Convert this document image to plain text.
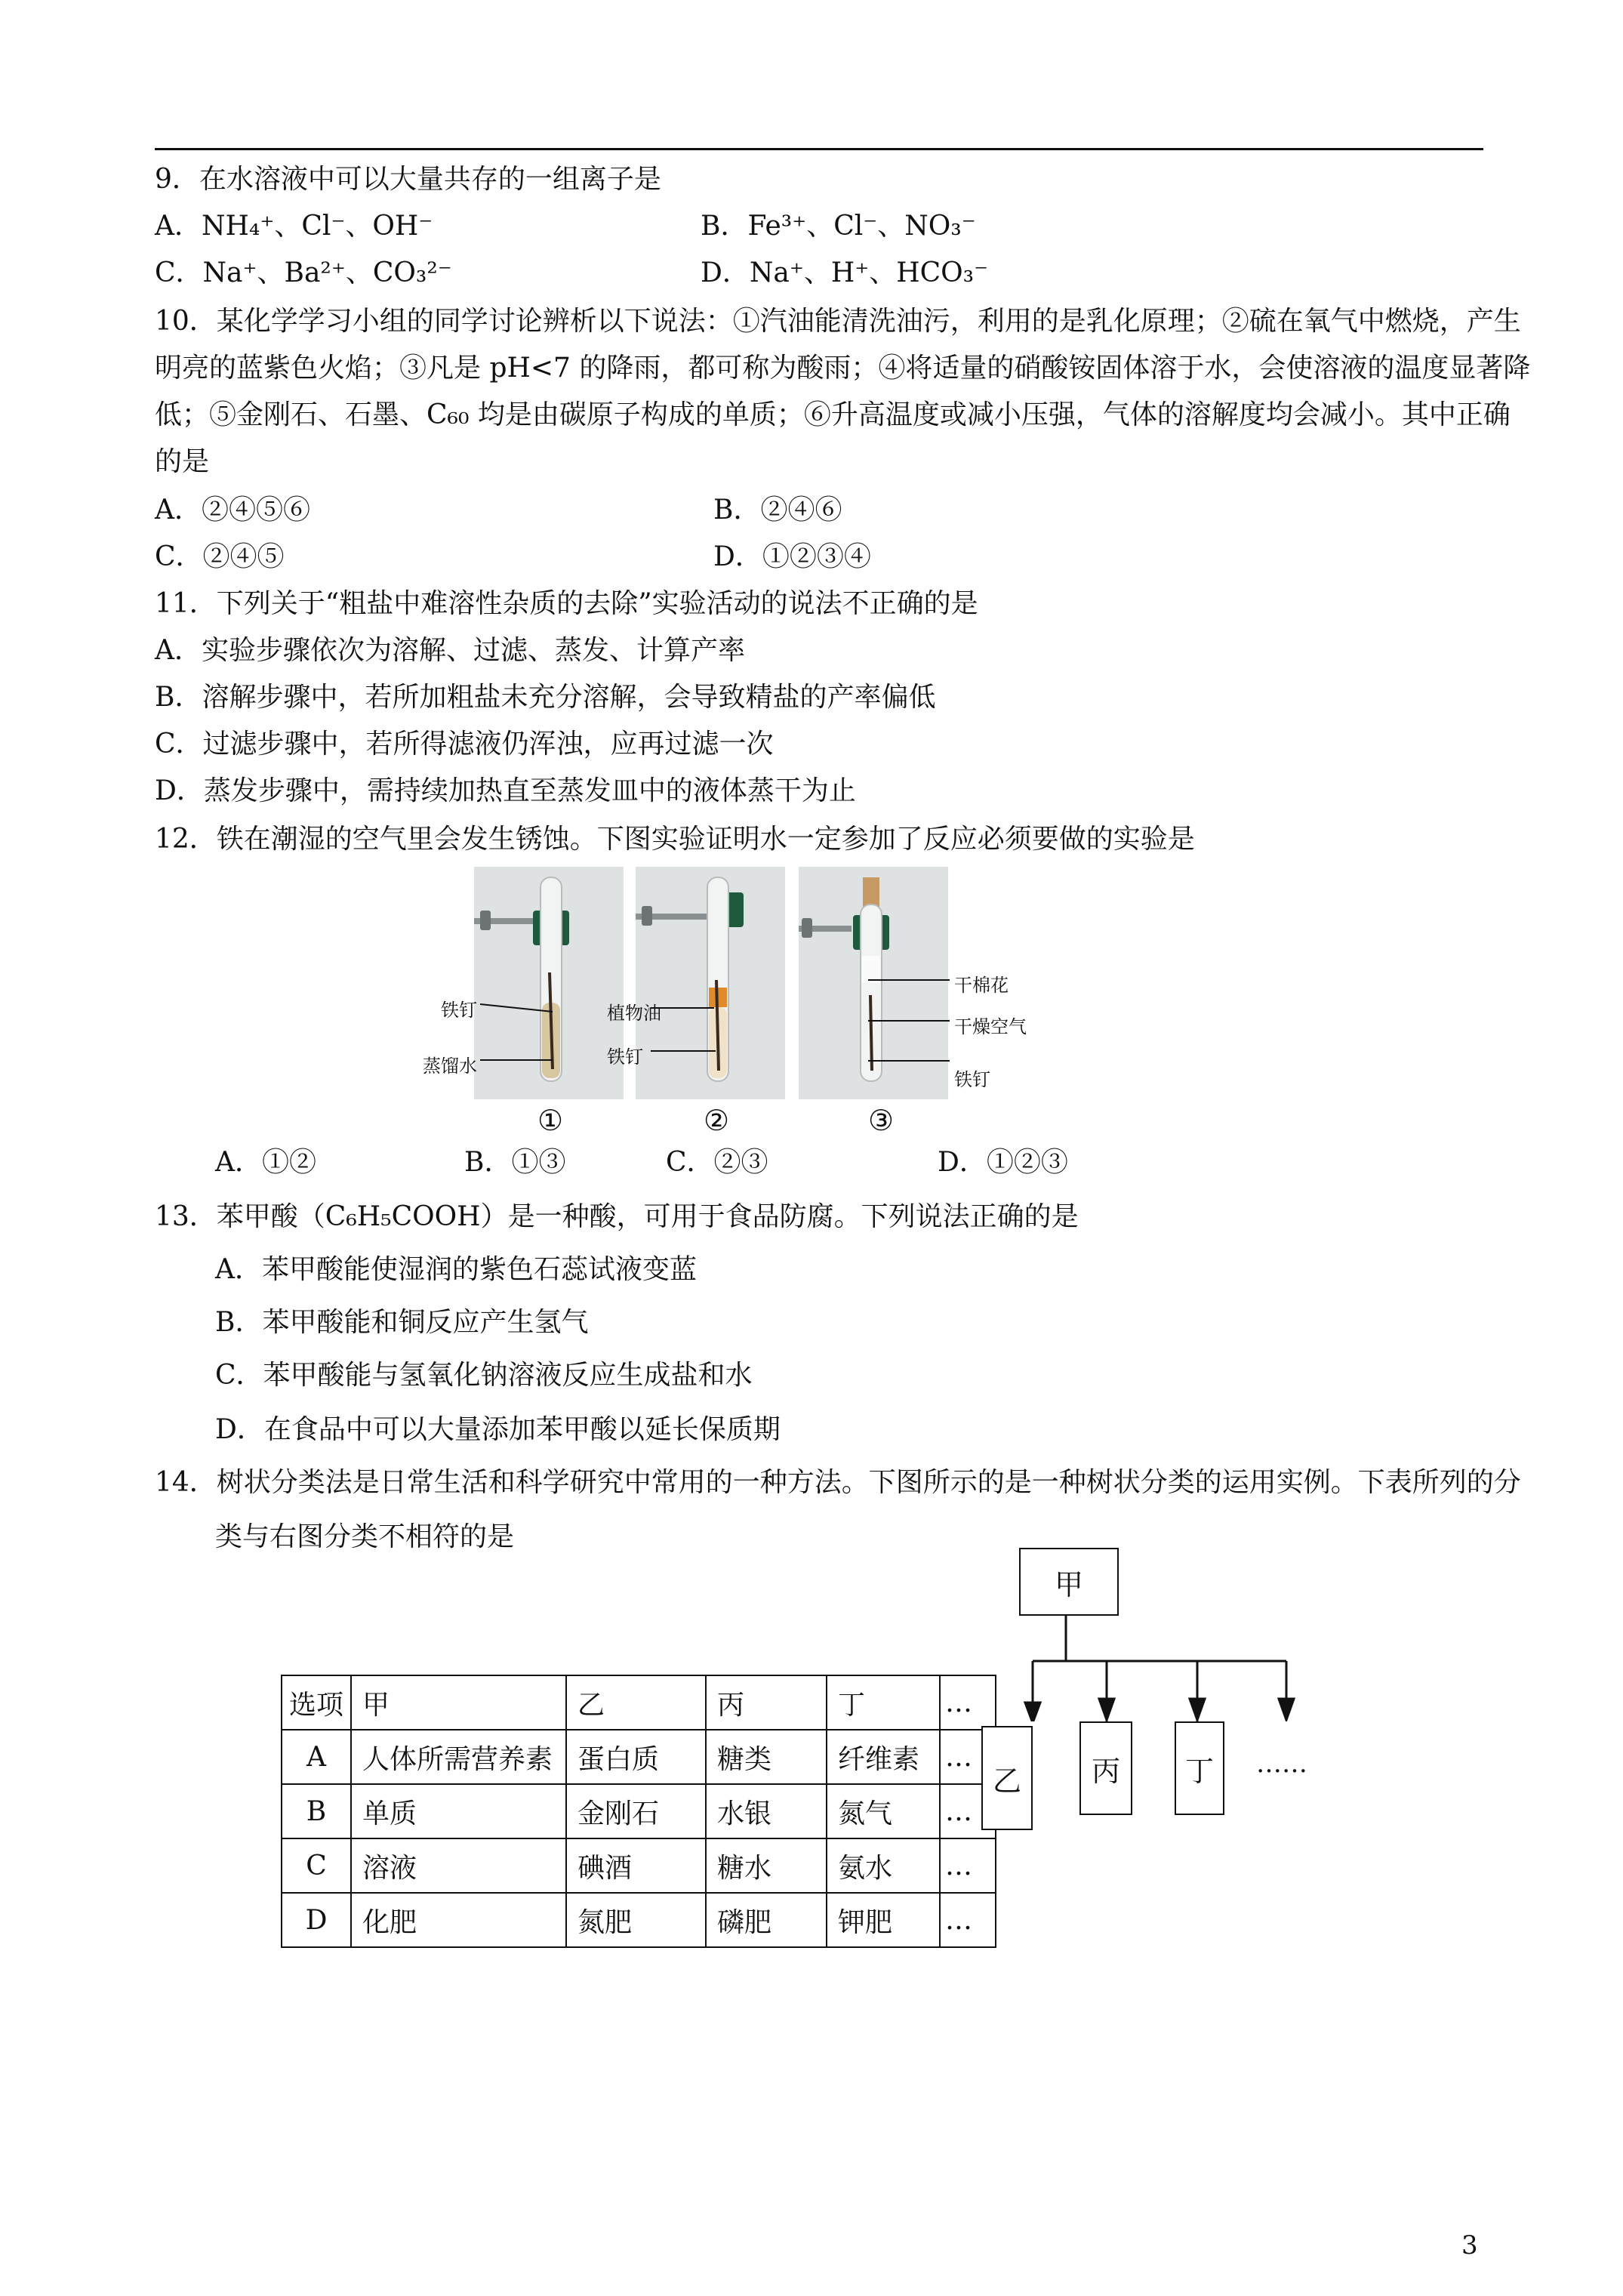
9．在水溶液中可以大量共存的一组离子是
A．NH₄⁺、Cl⁻、OH⁻	B．Fe³⁺、Cl⁻、NO₃⁻
C．Na⁺、Ba²⁺、CO₃²⁻	D．Na⁺、H⁺、HCO₃⁻
10．某化学学习小组的同学讨论辨析以下说法：①汽油能清洗油污，利用的是乳化原理；②硫在氧气中燃烧，产生
明亮的蓝紫色火焰；③凡是 pH<7 的降雨，都可称为酸雨；④将适量的硝酸铵固体溶于水，会使溶液的温度显著降
低；⑤金刚石、石墨、C₆₀ 均是由碳原子构成的单质；⑥升高温度或减小压强，气体的溶解度均会减小。其中正确
的是
A．②④⑤⑥	B．②④⑥
C．②④⑤	D．①②③④
11．下列关于“粗盐中难溶性杂质的去除”实验活动的说法不正确的是
A．实验步骤依次为溶解、过滤、蒸发、计算产率
B．溶解步骤中，若所加粗盐未充分溶解，会导致精盐的产率偏低
C．过滤步骤中，若所得滤液仍浑浊，应再过滤一次
D．蒸发步骤中，需持续加热直至蒸发皿中的液体蒸干为止
12．铁在潮湿的空气里会发生锈蚀。下图实验证明水一定参加了反应必须要做的实验是
铁钉
蒸馏水
植物油
铁钉
干棉花
干燥空气
铁钉
①	②	③
A．①②	B．①③	C．②③	D．①②③
13．苯甲酸（C₆H₅COOH）是一种酸，可用于食品防腐。下列说法正确的是
A．苯甲酸能使湿润的紫色石蕊试液变蓝
B．苯甲酸能和铜反应产生氢气
C．苯甲酸能与氢氧化钠溶液反应生成盐和水
D．在食品中可以大量添加苯甲酸以延长保质期
14．树状分类法是日常生活和科学研究中常用的一种方法。下图所示的是一种树状分类的运用实例。下表所列的分
类与右图分类不相符的是
选项	甲	乙	丙	丁	…
A	人体所需营养素	蛋白质	糖类	纤维素	…
B	单质	金刚石	水银	氮气	…
C	溶液	碘酒	糖水	氨水	…
D	化肥	氮肥	磷肥	钾肥	…
甲
乙	丙	丁	……
3
